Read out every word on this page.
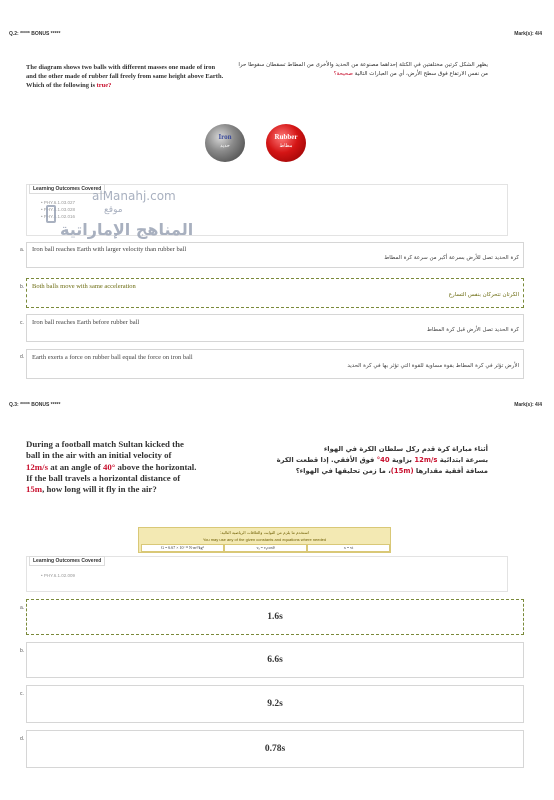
Q.2: ***** BONUS *****	Mark(s): 4/4
The diagram shows two balls with different masses one made of iron and the other made of rubber fall freely from same height above Earth. Which of the following is true?
يظهر الشكل كرتين مختلفتين في الكتلة إحداهما مصنوعة من الحديد والأخرى من المطاط تسقطان سقوطا حرا من نفس الارتفاع فوق سطح الأرض، أي من العبارات التالية صحيحة؟
Iron
حديد
Rubber
مطاط
Learning Outcomes Covered
• PHY.6.1.03.027
• PHY.6.1.03.028
• PHY.6.1.02.016
alManahj.com
موقع
المناهج الإماراتية
a. Iron ball reaches Earth with larger velocity than rubber ball
كرة الحديد تصل للأرض بسرعة أكبر من سرعة كرة المطاط
b. Both balls move with same acceleration
الكرتان تتحركان بنفس التسارع
c. Iron ball reaches Earth before rubber ball
كرة الحديد تصل الأرض قبل كرة المطاط
d. Earth exerts a force on rubber ball equal the force on iron ball
الأرض تؤثر في كرة المطاط بقوة مساوية للقوة التي تؤثر بها في كرة الحديد
Q.3: ***** BONUS *****	Mark(s): 4/4
During a football match Sultan kicked the
ball in the air with an initial velocity of
12m/s at an angle of 40° above the horizontal.
If the ball travels a horizontal distance of
15m, how long will it fly in the air?
أثناء مباراة كرة قدم ركل سلطان الكرة في الهواء
بسرعة ابتدائية 12m/s بزاوية 40° فوق الأفقي. إذا قطعت الكرة
مسافة أفقية مقدارها (15m)، ما زمن تحليقها في الهواء؟
استخدم ما يلزم من الثوابت والعلاقات الرياضية التالية:
You may use any of the given constants and equations where needed
G = 6.67 × 10⁻¹¹ N·m²/kg²	vₓ = v₀cosθ	x = vt
Learning Outcomes Covered
• PHY.6.1.02.009
a.
1.6s
b.
6.6s
c.
9.2s
d.
0.78s
